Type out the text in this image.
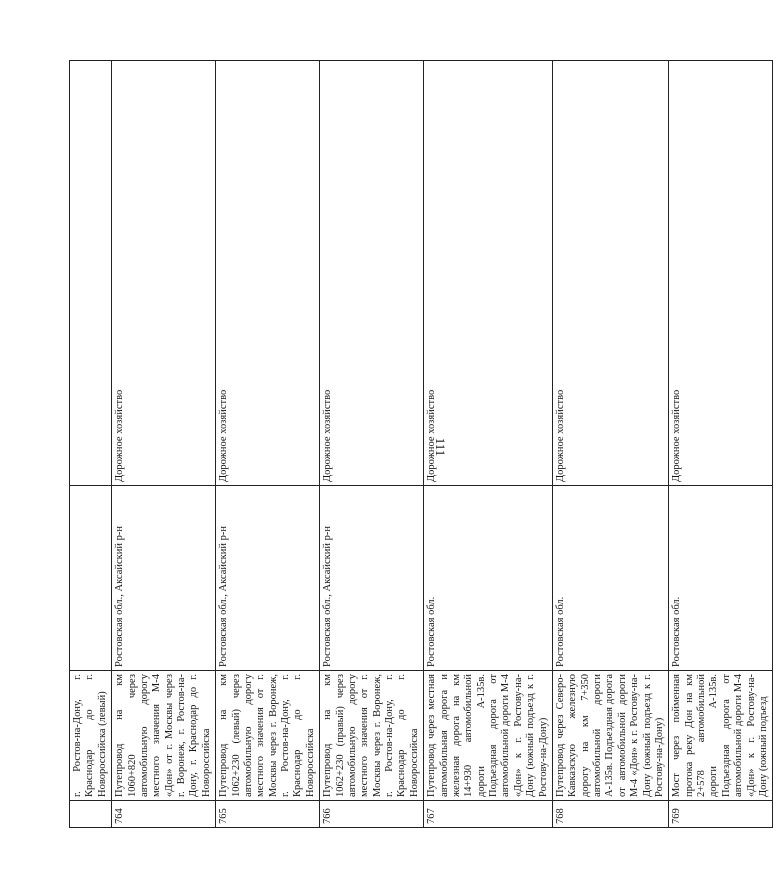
111
	г. Ростов-на-Дону, г. Краснодар до г. Новороссийска (левый)		
764	Путепровод на км 1060+820 через автомобильную дорогу местного значения М-4 «Дон» от г. Москвы через г. Воронеж, г. Ростов-на-Дону, г. Краснодар до г. Новороссийска	Ростовская обл., Аксайский р-н	Дорожное хозяйство
765	Путепровод на км 1062+230 (левый) через автомобильную дорогу местного значения от г. Москвы через г. Воронеж, г. Ростов-на-Дону, г. Краснодар до г. Новороссийска	Ростовская обл., Аксайский р-н	Дорожное хозяйство
766	Путепровод на км 1062+230 (правый) через автомобильную дорогу местного значения от г. Москвы через г. Воронеж, г. Ростов-на-Дону, г. Краснодар до г. Новороссийска	Ростовская обл., Аксайский р-н	Дорожное хозяйство
767	Путепровод через местная автомобильная дорога и железная дорога на км 14+930 автомобильной дороги А-135в. Подъездная дорога от автомобильной дороги М-4 «Дон» к г. Ростову-на-Дону (южный подъезд к г. Ростову-на-Дону)	Ростовская обл.	Дорожное хозяйство
768	Путепровод через Северо-Кавказскую железную дорогу на км 7+350 автомобильной дороги А-135в. Подъездная дорога от автомобильной дороги М-4 «Дон» к г. Ростову-на-Дону (южный подъезд к г. Ростову-на-Дону)	Ростовская обл.	Дорожное хозяйство
769	Мост через пойменная протока реку Дон на км 2+578 автомобильной дороги А-135в. Подъездная дорога от автомобильной дороги М-4 «Дон» к г. Ростову-на-Дону (южный подъезд	Ростовская обл.	Дорожное хозяйство
